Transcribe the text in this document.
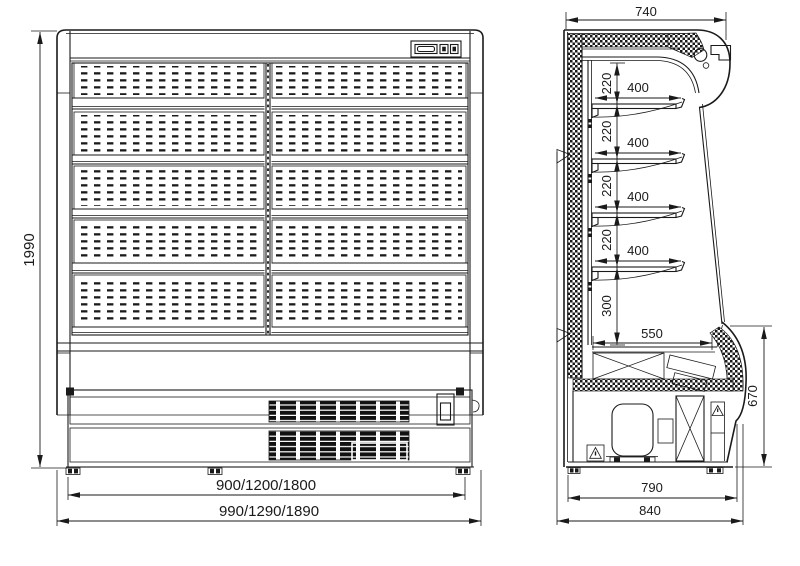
1990
900/1200/1800
990/1290/1890
740
220
220
220
220
300
400
400
400
400
550
670
790
840
